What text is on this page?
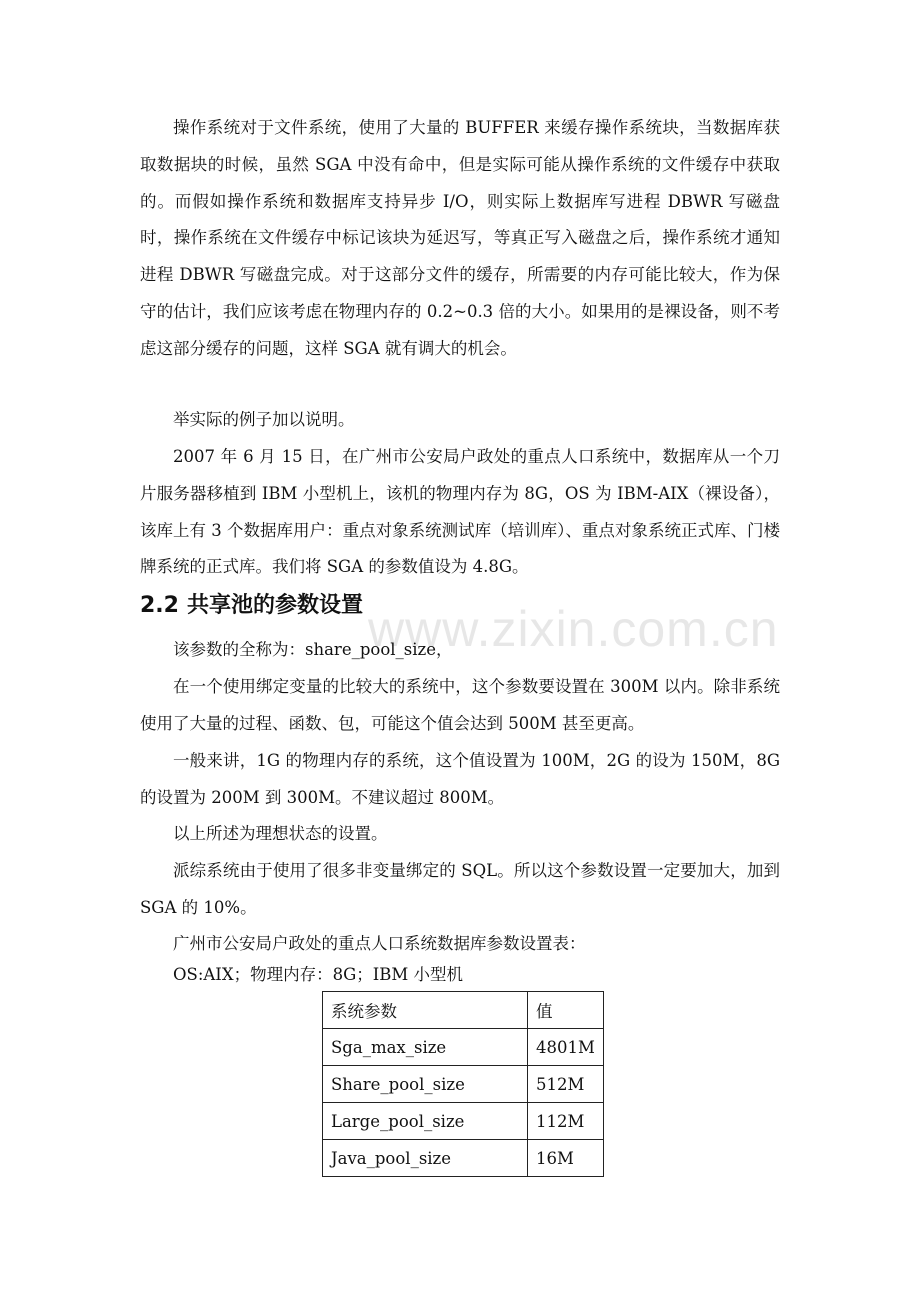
操作系统对于文件系统，使用了大量的 BUFFER 来缓存操作系统块，当数据库获取数据块的时候，虽然 SGA 中没有命中，但是实际可能从操作系统的文件缓存中获取的。而假如操作系统和数据库支持异步 I/O，则实际上数据库写进程 DBWR 写磁盘时，操作系统在文件缓存中标记该块为延迟写，等真正写入磁盘之后，操作系统才通知进程 DBWR 写磁盘完成。对于这部分文件的缓存，所需要的内存可能比较大，作为保守的估计，我们应该考虑在物理内存的 0.2~0.3 倍的大小。如果用的是裸设备，则不考虑这部分缓存的问题，这样 SGA 就有调大的机会。

举实际的例子加以说明。

2007 年 6 月 15 日，在广州市公安局户政处的重点人口系统中，数据库从一个刀片服务器移植到 IBM 小型机上，该机的物理内存为 8G，OS 为 IBM-AIX（裸设备），该库上有 3 个数据库用户：重点对象系统测试库（培训库）、重点对象系统正式库、门楼牌系统的正式库。我们将 SGA 的参数值设为 4.8G。

2.2 共享池的参数设置 www.zixin.com.cn

该参数的全称为：share_pool_size，

在一个使用绑定变量的比较大的系统中，这个参数要设置在 300M 以内。除非系统使用了大量的过程、函数、包，可能这个值会达到 500M 甚至更高。

一般来讲，1G 的物理内存的系统，这个值设置为 100M，2G 的设为 150M，8G 的设置为 200M 到 300M。不建议超过 800M。

以上所述为理想状态的设置。

派综系统由于使用了很多非变量绑定的 SQL。所以这个参数设置一定要加大，加到 SGA 的 10%。

广州市公安局户政处的重点人口系统数据库参数设置表：

OS:AIX；物理内存：8G；IBM 小型机

系统参数	值
Sga_max_size	4801M
Share_pool_size	512M
Large_pool_size	112M
Java_pool_size	16M
